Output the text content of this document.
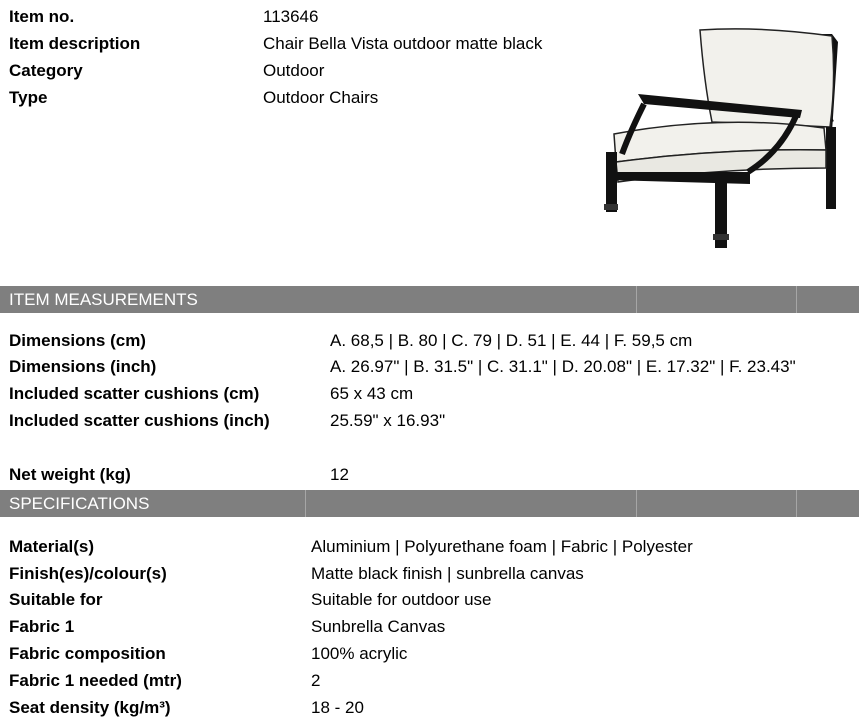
Item no.	113646
Item description	Chair Bella Vista outdoor matte black
Category	Outdoor
Type	Outdoor Chairs
ITEM MEASUREMENTS
Dimensions (cm)	A. 68,5 | B. 80 | C. 79 | D. 51 | E. 44 | F. 59,5 cm
Dimensions (inch)	A. 26.97" | B. 31.5" | C. 31.1" | D. 20.08" | E. 17.32" | F. 23.43"
Included scatter cushions (cm)	65 x 43 cm
Included scatter cushions (inch)	25.59" x 16.93"
Net weight (kg)	12
SPECIFICATIONS
Material(s)	Aluminium | Polyurethane foam | Fabric | Polyester
Finish(es)/colour(s)	Matte black finish | sunbrella canvas
Suitable for	Suitable for outdoor use
Fabric 1	Sunbrella Canvas
Fabric composition	100% acrylic
Fabric 1 needed (mtr)	2
Seat density (kg/m³)	18 - 20
